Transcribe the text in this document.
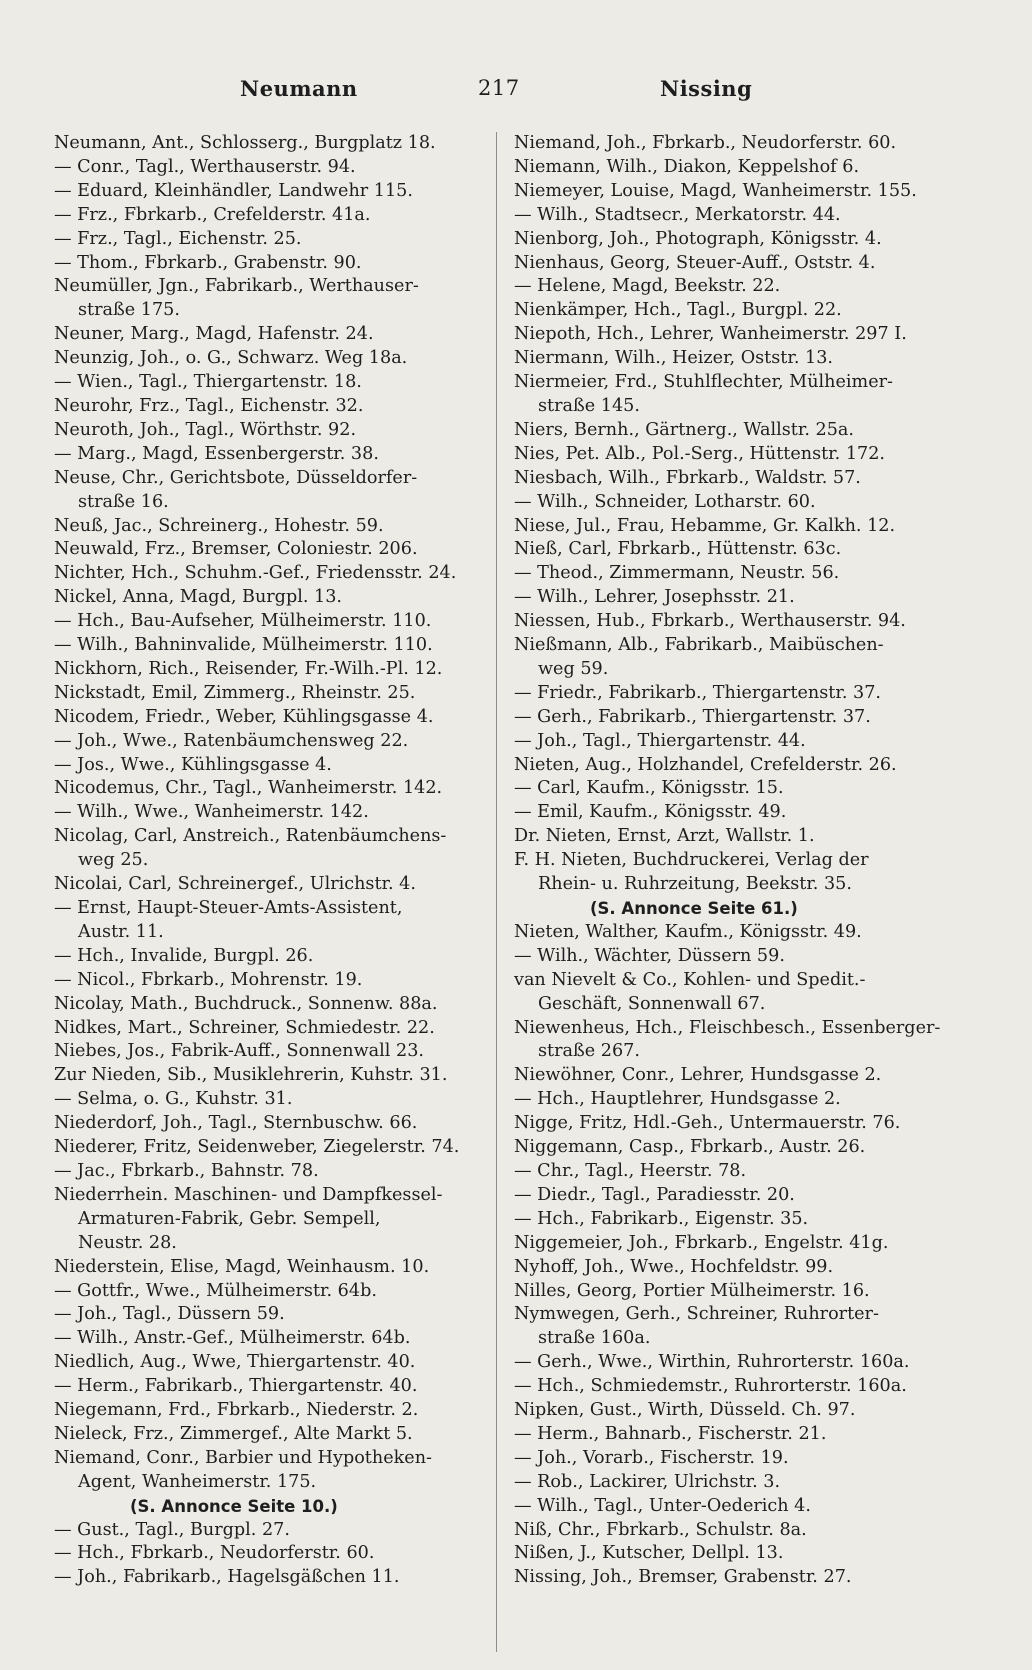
Neumann	217	Nissing
Neumann, Ant., Schlosserg., Burgplatz 18.
— Conr., Tagl., Werthauserstr. 94.
— Eduard, Kleinhändler, Landwehr 115.
— Frz., Fbrkarb., Crefelderstr. 41a.
— Frz., Tagl., Eichenstr. 25.
— Thom., Fbrkarb., Grabenstr. 90.
Neumüller, Jgn., Fabrikarb., Werthauser-
straße 175.
Neuner, Marg., Magd, Hafenstr. 24.
Neunzig, Joh., o. G., Schwarz. Weg 18a.
— Wien., Tagl., Thiergartenstr. 18.
Neurohr, Frz., Tagl., Eichenstr. 32.
Neuroth, Joh., Tagl., Wörthstr. 92.
— Marg., Magd, Essenbergerstr. 38.
Neuse, Chr., Gerichtsbote, Düsseldorfer-
straße 16.
Neuß, Jac., Schreinerg., Hohestr. 59.
Neuwald, Frz., Bremser, Coloniestr. 206.
Nichter, Hch., Schuhm.-Gef., Friedensstr. 24.
Nickel, Anna, Magd, Burgpl. 13.
— Hch., Bau-Aufseher, Mülheimerstr. 110.
— Wilh., Bahninvalide, Mülheimerstr. 110.
Nickhorn, Rich., Reisender, Fr.-Wilh.-Pl. 12.
Nickstadt, Emil, Zimmerg., Rheinstr. 25.
Nicodem, Friedr., Weber, Kühlingsgasse 4.
— Joh., Wwe., Ratenbäumchensweg 22.
— Jos., Wwe., Kühlingsgasse 4.
Nicodemus, Chr., Tagl., Wanheimerstr. 142.
— Wilh., Wwe., Wanheimerstr. 142.
Nicolag, Carl, Anstreich., Ratenbäumchens-
weg 25.
Nicolai, Carl, Schreinergef., Ulrichstr. 4.
— Ernst, Haupt-Steuer-Amts-Assistent,
Austr. 11.
— Hch., Invalide, Burgpl. 26.
— Nicol., Fbrkarb., Mohrenstr. 19.
Nicolay, Math., Buchdruck., Sonnenw. 88a.
Nidkes, Mart., Schreiner, Schmiedestr. 22.
Niebes, Jos., Fabrik-Auff., Sonnenwall 23.
Zur Nieden, Sib., Musiklehrerin, Kuhstr. 31.
— Selma, o. G., Kuhstr. 31.
Niederdorf, Joh., Tagl., Sternbuschw. 66.
Niederer, Fritz, Seidenweber, Ziegelerstr. 74.
— Jac., Fbrkarb., Bahnstr. 78.
Niederrhein. Maschinen- und Dampfkessel-
Armaturen-Fabrik, Gebr. Sempell,
Neustr. 28.
Niederstein, Elise, Magd, Weinhausm. 10.
— Gottfr., Wwe., Mülheimerstr. 64b.
— Joh., Tagl., Düssern 59.
— Wilh., Anstr.-Gef., Mülheimerstr. 64b.
Niedlich, Aug., Wwe, Thiergartenstr. 40.
— Herm., Fabrikarb., Thiergartenstr. 40.
Niegemann, Frd., Fbrkarb., Niederstr. 2.
Nieleck, Frz., Zimmergef., Alte Markt 5.
Niemand, Conr., Barbier und Hypotheken-
Agent, Wanheimerstr. 175.
(S. Annonce Seite 10.)
— Gust., Tagl., Burgpl. 27.
— Hch., Fbrkarb., Neudorferstr. 60.
— Joh., Fabrikarb., Hagelsgäßchen 11.
Niemand, Joh., Fbrkarb., Neudorferstr. 60.
Niemann, Wilh., Diakon, Keppelshof 6.
Niemeyer, Louise, Magd, Wanheimerstr. 155.
— Wilh., Stadtsecr., Merkatorstr. 44.
Nienborg, Joh., Photograph, Königsstr. 4.
Nienhaus, Georg, Steuer-Auff., Oststr. 4.
— Helene, Magd, Beekstr. 22.
Nienkämper, Hch., Tagl., Burgpl. 22.
Niepoth, Hch., Lehrer, Wanheimerstr. 297 I.
Niermann, Wilh., Heizer, Oststr. 13.
Niermeier, Frd., Stuhlflechter, Mülheimer-
straße 145.
Niers, Bernh., Gärtnerg., Wallstr. 25a.
Nies, Pet. Alb., Pol.-Serg., Hüttenstr. 172.
Niesbach, Wilh., Fbrkarb., Waldstr. 57.
— Wilh., Schneider, Lotharstr. 60.
Niese, Jul., Frau, Hebamme, Gr. Kalkh. 12.
Nieß, Carl, Fbrkarb., Hüttenstr. 63c.
— Theod., Zimmermann, Neustr. 56.
— Wilh., Lehrer, Josephsstr. 21.
Niessen, Hub., Fbrkarb., Werthauserstr. 94.
Nießmann, Alb., Fabrikarb., Maibüschen-
weg 59.
— Friedr., Fabrikarb., Thiergartenstr. 37.
— Gerh., Fabrikarb., Thiergartenstr. 37.
— Joh., Tagl., Thiergartenstr. 44.
Nieten, Aug., Holzhandel, Crefelderstr. 26.
— Carl, Kaufm., Königsstr. 15.
— Emil, Kaufm., Königsstr. 49.
Dr. Nieten, Ernst, Arzt, Wallstr. 1.
F. H. Nieten, Buchdruckerei, Verlag der
Rhein- u. Ruhrzeitung, Beekstr. 35.
(S. Annonce Seite 61.)
Nieten, Walther, Kaufm., Königsstr. 49.
— Wilh., Wächter, Düssern 59.
van Nievelt & Co., Kohlen- und Spedit.-
Geschäft, Sonnenwall 67.
Niewenheus, Hch., Fleischbesch., Essenberger-
straße 267.
Niewöhner, Conr., Lehrer, Hundsgasse 2.
— Hch., Hauptlehrer, Hundsgasse 2.
Nigge, Fritz, Hdl.-Geh., Untermauerstr. 76.
Niggemann, Casp., Fbrkarb., Austr. 26.
— Chr., Tagl., Heerstr. 78.
— Diedr., Tagl., Paradiesstr. 20.
— Hch., Fabrikarb., Eigenstr. 35.
Niggemeier, Joh., Fbrkarb., Engelstr. 41g.
Nyhoff, Joh., Wwe., Hochfeldstr. 99.
Nilles, Georg, Portier Mülheimerstr. 16.
Nymwegen, Gerh., Schreiner, Ruhrorter-
straße 160a.
— Gerh., Wwe., Wirthin, Ruhrorterstr. 160a.
— Hch., Schmiedemstr., Ruhrorterstr. 160a.
Nipken, Gust., Wirth, Düsseld. Ch. 97.
— Herm., Bahnarb., Fischerstr. 21.
— Joh., Vorarb., Fischerstr. 19.
— Rob., Lackirer, Ulrichstr. 3.
— Wilh., Tagl., Unter-Oederich 4.
Niß, Chr., Fbrkarb., Schulstr. 8a.
Nißen, J., Kutscher, Dellpl. 13.
Nissing, Joh., Bremser, Grabenstr. 27.
